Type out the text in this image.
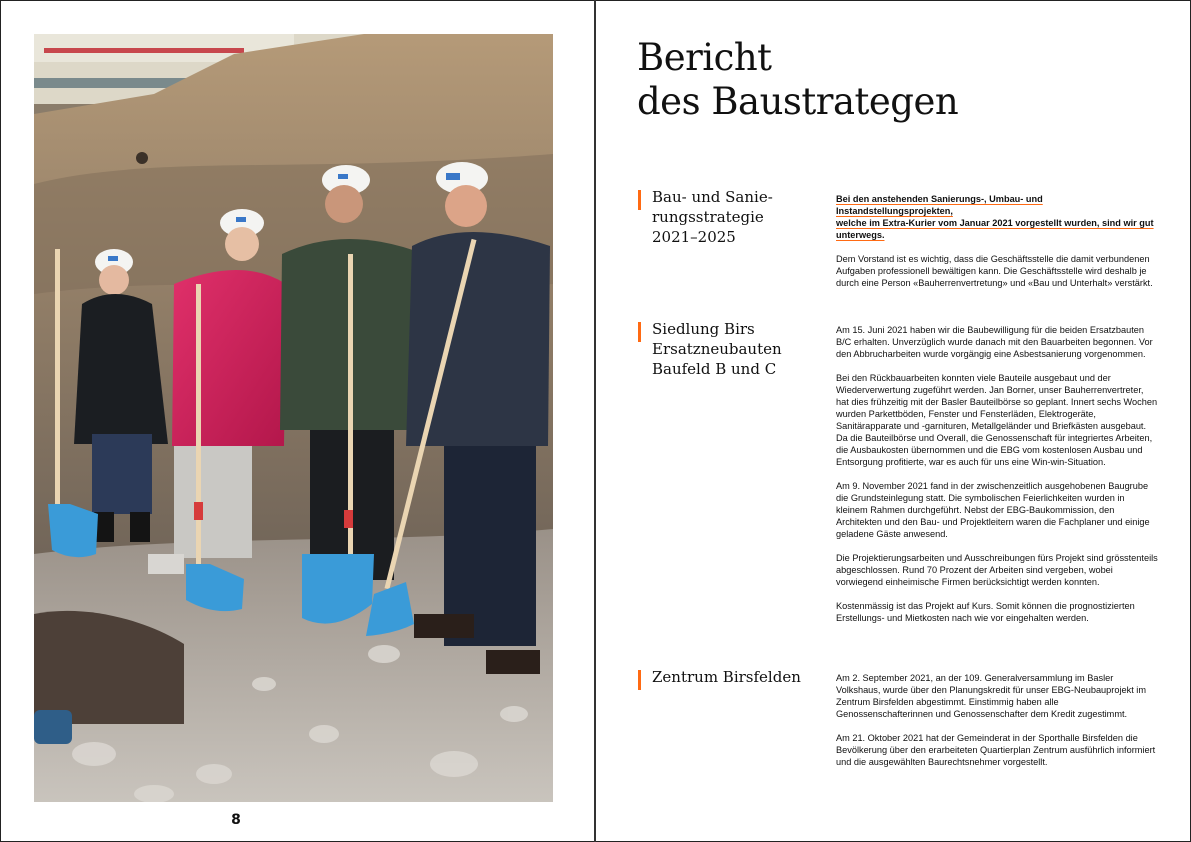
8
Bericht
des Baustrategen
Bau- und Sanie-
rungsstrategie
2021–2025

Bei den anstehenden Sanierungs-, Umbau- und Instandstellungsprojekten,
welche im Extra-Kurier vom Januar 2021 vorgestellt wurden, sind wir gut
unterwegs.

Dem Vorstand ist es wichtig, dass die Geschäftsstelle die damit verbundenen Aufgaben professionell bewältigen kann. Die Geschäftsstelle wird deshalb je durch eine Person «Bauherrenvertretung» und «Bau und Unterhalt» verstärkt.

Siedlung Birs
Ersatzneubauten
Baufeld B und C

Am 15. Juni 2021 haben wir die Baubewilligung für die beiden Ersatzbauten B/C erhalten. Unverzüglich wurde danach mit den Bauarbeiten begonnen. Vor den Abbrucharbeiten wurde vorgängig eine Asbestsanierung vorgenommen.

Bei den Rückbauarbeiten konnten viele Bauteile ausgebaut und der Wiederverwertung zugeführt werden. Jan Borner, unser Bauherrenvertreter, hat dies frühzeitig mit der Basler Bauteilbörse so geplant. Innert sechs Wochen wurden Parkettböden, Fenster und Fensterläden, Elektrogeräte, Sanitärapparate und -garnituren, Metallgeländer und Briefkästen ausgebaut. Da die Bauteilbörse und Overall, die Genossenschaft für integriertes Arbeiten, die Ausbaukosten übernommen und die EBG vom kostenlosen Ausbau und Entsorgung profitierte, war es auch für uns eine Win-win-Situation.

Am 9. November 2021 fand in der zwischenzeitlich ausgehobenen Baugrube die Grundsteinlegung statt. Die symbolischen Feierlichkeiten wurden in kleinem Rahmen durchgeführt. Nebst der EBG-Baukommission, den Architekten und den Bau- und Projektleitern waren die Fachplaner und einige geladene Gäste anwesend.

Die Projektierungsarbeiten und Ausschreibungen fürs Projekt sind grösstenteils abgeschlossen. Rund 70 Prozent der Arbeiten sind vergeben, wobei vorwiegend einheimische Firmen berücksichtigt werden konnten.

Kostenmässig ist das Projekt auf Kurs. Somit können die prognostizierten Erstellungs- und Mietkosten nach wie vor eingehalten werden.

Zentrum Birsfelden	Am 2. September 2021, an der 109. Generalversammlung im Basler Volkshaus, wurde über den Planungskredit für unser EBG-Neubauprojekt im Zentrum Birsfelden abgestimmt. Einstimmig haben alle Genossenschafterinnen und Genossenschafter dem Kredit zugestimmt.

Am 21. Oktober 2021 hat der Gemeinderat in der Sporthalle Birsfelden die Bevölkerung über den erarbeiteten Quartierplan Zentrum ausführlich informiert und die ausgewählten Baurechtsnehmer vorgestellt.
